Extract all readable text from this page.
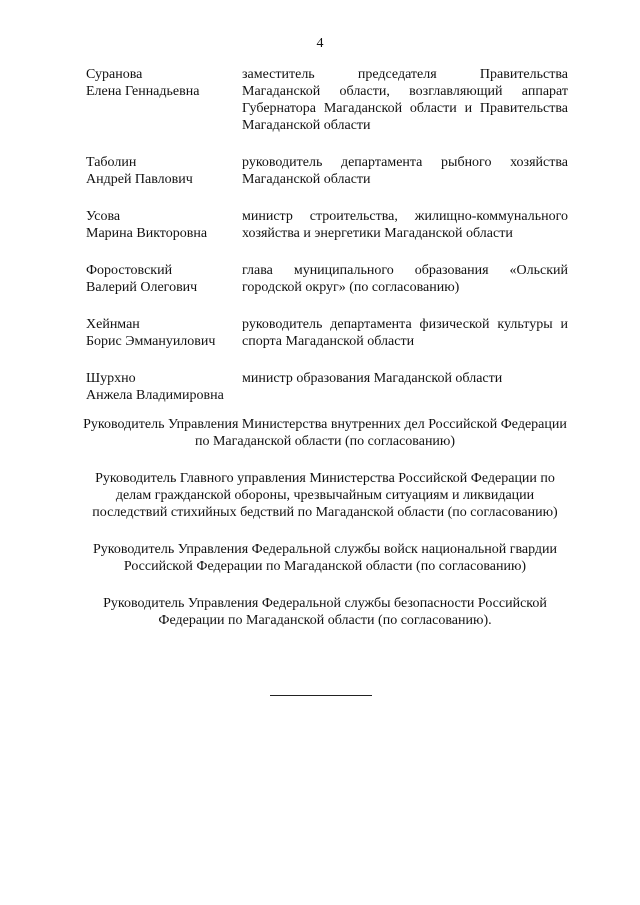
4
Суранова
Елена Геннадьевна
заместитель председателя Правительства Магаданской области, возглавляющий аппарат Губернатора Магаданской области и Правительства Магаданской области
Таболин
Андрей Павлович
руководитель департамента рыбного хозяйства Магаданской области
Усова
Марина Викторовна
министр строительства, жилищно-коммунального хозяйства и энергетики Магаданской области
Форостовский
Валерий Олегович
глава муниципального образования «Ольский городской округ» (по согласованию)
Хейнман
Борис Эммануилович
руководитель департамента физической культуры и спорта Магаданской области
Шурхно
Анжела Владимировна
министр образования Магаданской области

Руководитель Управления Министерства внутренних дел Российской Федерации по Магаданской области (по согласованию)

Руководитель Главного управления Министерства Российской Федерации по делам гражданской обороны, чрезвычайным ситуациям и ликвидации последствий стихийных бедствий по Магаданской области (по согласованию)

Руководитель Управления Федеральной службы войск национальной гвардии Российской Федерации по Магаданской области (по согласованию)

Руководитель Управления Федеральной службы безопасности Российской Федерации по Магаданской области (по согласованию).
